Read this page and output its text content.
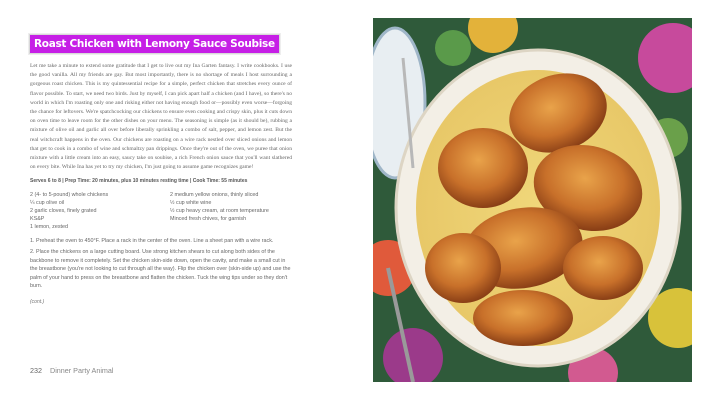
Roast Chicken with Lemony Sauce Soubise
Let me take a minute to extend some gratitude that I get to live out my Ina Garten fantasy. I write cookbooks. I use the good vanilla. All my friends are gay. But most importantly, there is no shortage of meals I host surrounding a gorgeous roast chicken. This is my quintessential recipe for a simple, perfect chicken that stretches every ounce of flavor possible. To start, we need two birds. Just by myself, I can pick apart half a chicken (and I have), so there's no world in which I'm roasting only one and risking either not having enough food or—possibly even worse—forgoing the chance for leftovers. We're spatchcocking our chickens to ensure even cooking and crispy skin, plus it cuts down on oven time to leave room for the other dishes on your menu. The seasoning is simple (as it should be), rubbing a mixture of olive oil and garlic all over before liberally sprinkling a combo of salt, pepper, and lemon zest. But the real witchcraft happens in the oven. Our chickens are roasting on a wire rack nestled over sliced onions and lemon that get to cook in a combo of wine and schmaltzy pan drippings. Once they're out of the oven, we puree that onion mixture with a little cream into an easy, saucy take on soubise, a rich French onion sauce that you'll want slathered on every bite. While Ina has yet to try my chicken, I'm just going to assume game recognizes game!
Serves 6 to 8 | Prep Time: 20 minutes, plus 10 minutes resting time | Cook Time: 55 minutes
2 (4- to 5-pound) whole chickens
¼ cup olive oil
2 garlic cloves, finely grated
KS&P
1 lemon, zested
2 medium yellow onions, thinly sliced
½ cup white wine
½ cup heavy cream, at room temperature
Minced fresh chives, for garnish

1. Preheat the oven to 450°F. Place a rack in the center of the oven. Line a sheet pan with a wire rack.

2. Place the chickens on a large cutting board. Use strong kitchen shears to cut along both sides of the backbone to remove it completely. Set the chicken skin-side down, open the cavity, and make a small cut in the breastbone (you're not looking to cut through all the way). Flip the chicken over (skin-side up) and use the palm of your hand to press on the breastbone and flatten the chicken. Tuck the wing tips under so they don't burn.

(cont.)
232 Dinner Party Animal
